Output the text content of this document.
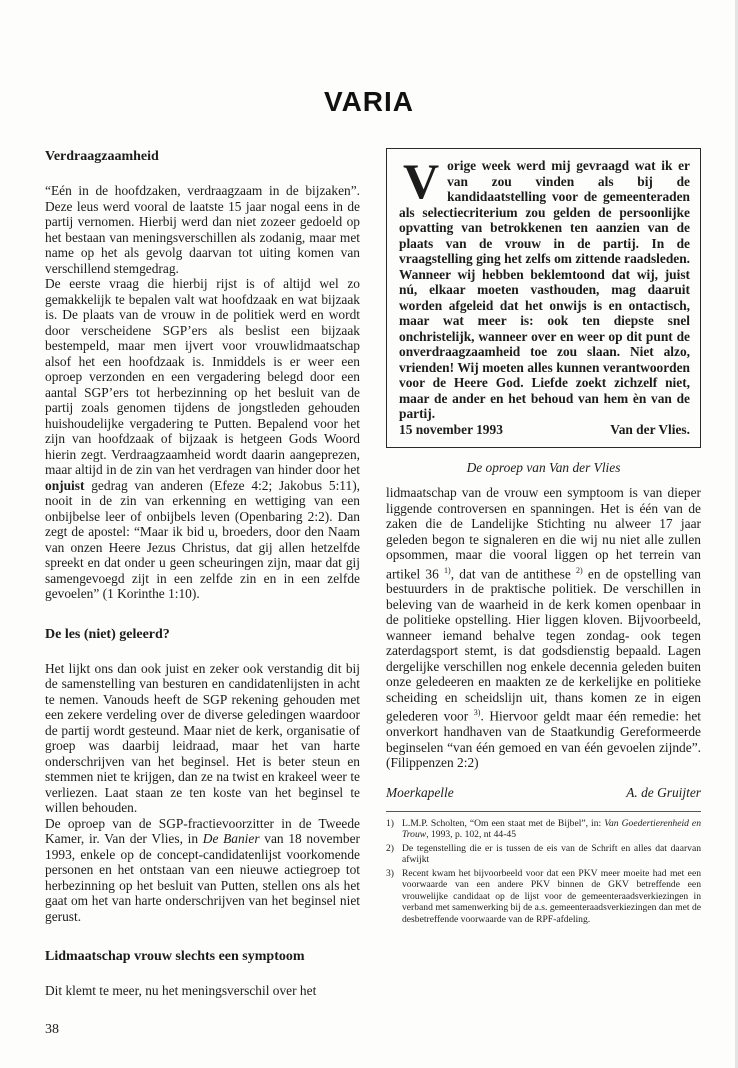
VARIA
Verdraagzaamheid

“Eén in de hoofdzaken, verdraagzaam in de bijzaken”. Deze leus werd vooral de laatste 15 jaar nogal eens in de partij vernomen. Hierbij werd dan niet zozeer gedoeld op het bestaan van meningsverschillen als zodanig, maar met name op het als gevolg daarvan tot uiting komen van verschillend stemgedrag.

De eerste vraag die hierbij rijst is of altijd wel zo gemakkelijk te bepalen valt wat hoofdzaak en wat bijzaak is. De plaats van de vrouw in de politiek werd en wordt door verscheidene SGP’ers als beslist een bijzaak bestempeld, maar men ijvert voor vrouwlidmaatschap alsof het een hoofdzaak is. Inmiddels is er weer een oproep verzonden en een vergadering belegd door een aantal SGP’ers tot herbezinning op het besluit van de partij zoals genomen tijdens de jongstleden gehouden huishoudelijke vergadering te Putten. Bepalend voor het zijn van hoofdzaak of bijzaak is hetgeen Gods Woord hierin zegt. Verdraagzaamheid wordt daarin aangeprezen, maar altijd in de zin van het verdragen van hinder door het onjuist gedrag van anderen (Efeze 4:2; Jakobus 5:11), nooit in de zin van erkenning en wettiging van een onbijbelse leer of onbijbels leven (Openbaring 2:2). Dan zegt de apostel: “Maar ik bid u, broeders, door den Naam van onzen Heere Jezus Christus, dat gij allen hetzelfde spreekt en dat onder u geen scheuringen zijn, maar dat gij samengevoegd zijt in een zelfde zin en in een zelfde gevoelen” (1 Korinthe 1:10).

De les (niet) geleerd?

Het lijkt ons dan ook juist en zeker ook verstandig dit bij de samenstelling van besturen en candidatenlijsten in acht te nemen. Vanouds heeft de SGP rekening gehouden met een zekere verdeling over de diverse geledingen waardoor de partij wordt gesteund. Maar niet de kerk, organisatie of groep was daarbij leidraad, maar het van harte onderschrijven van het beginsel. Het is beter steun en stemmen niet te krijgen, dan ze na twist en krakeel weer te verliezen. Laat staan ze ten koste van het beginsel te willen behouden.

De oproep van de SGP-fractievoorzitter in de Tweede Kamer, ir. Van der Vlies, in De Banier van 18 november 1993, enkele op de concept-candidatenlijst voorkomende personen en het ontstaan van een nieuwe actiegroep tot herbezinning op het besluit van Putten, stellen ons als het gaat om het van harte onderschrijven van het beginsel niet gerust.

Lidmaatschap vrouw slechts een symptoom

Dit klemt te meer, nu het meningsverschil over het

V orige week werd mij gevraagd wat ik er van zou vinden als bij de kandidaatstelling voor de gemeenteraden als selectiecriterium zou gelden de persoonlijke opvatting van betrokkenen ten aanzien van de plaats van de vrouw in de partij. In de vraagstelling ging het zelfs om zittende raadsleden. Wanneer wij hebben beklemtoond dat wij, juist nú, elkaar moeten vasthouden, mag daaruit worden afgeleid dat het onwijs is en ontactisch, maar wat meer is: ook ten diepste snel onchristelijk, wanneer over en weer op dit punt de onverdraagzaamheid toe zou slaan. Niet alzo, vrienden! Wij moeten alles kunnen verantwoorden voor de Heere God. Liefde zoekt zichzelf niet, maar de ander en het behoud van hem èn van de partij.
15 november 1993	Van der Vlies.
De oproep van Van der Vlies

lidmaatschap van de vrouw een symptoom is van dieper liggende controversen en spanningen. Het is één van de zaken die de Landelijke Stichting nu alweer 17 jaar geleden begon te signaleren en die wij nu niet alle zullen opsommen, maar die vooral liggen op het terrein van artikel 36 $^{1)}$, dat van de antithese $^{2)}$ en de opstelling van bestuurders in de praktische politiek. De verschillen in beleving van de waarheid in de kerk komen openbaar in de politieke opstelling. Hier liggen kloven. Bijvoorbeeld, wanneer iemand behalve tegen zondag- ook tegen zaterdagsport stemt, is dat godsdienstig bepaald. Lagen dergelijke verschillen nog enkele decennia geleden buiten onze geledeeren en maakten ze de kerkelijke en politieke scheiding en scheidslijn uit, thans komen ze in eigen gelederen voor $^{3)}$. Hiervoor geldt maar één remedie: het onverkort handhaven van de Staatkundig Gereformeerde beginselen “van één gemoed en van één gevoelen zijnde”. (Filippenzen 2:2)

Moerkapelle	A. de Gruijter
1) L.M.P. Scholten, “Om een staat met de Bijbel”, in: Van Goedertierenheid en Trouw, 1993, p. 102, nt 44-45
2) De tegenstelling die er is tussen de eis van de Schrift en alles dat daarvan afwijkt
3) Recent kwam het bijvoorbeeld voor dat een PKV meer moeite had met een voorwaarde van een andere PKV binnen de GKV betreffende een vrouwelijke candidaat op de lijst voor de gemeenteraadsverkiezingen in verband met samenwerking bij de a.s. gemeenteraadsverkiezingen dan met de desbetreffende voorwaarde van de RPF-afdeling.
38
